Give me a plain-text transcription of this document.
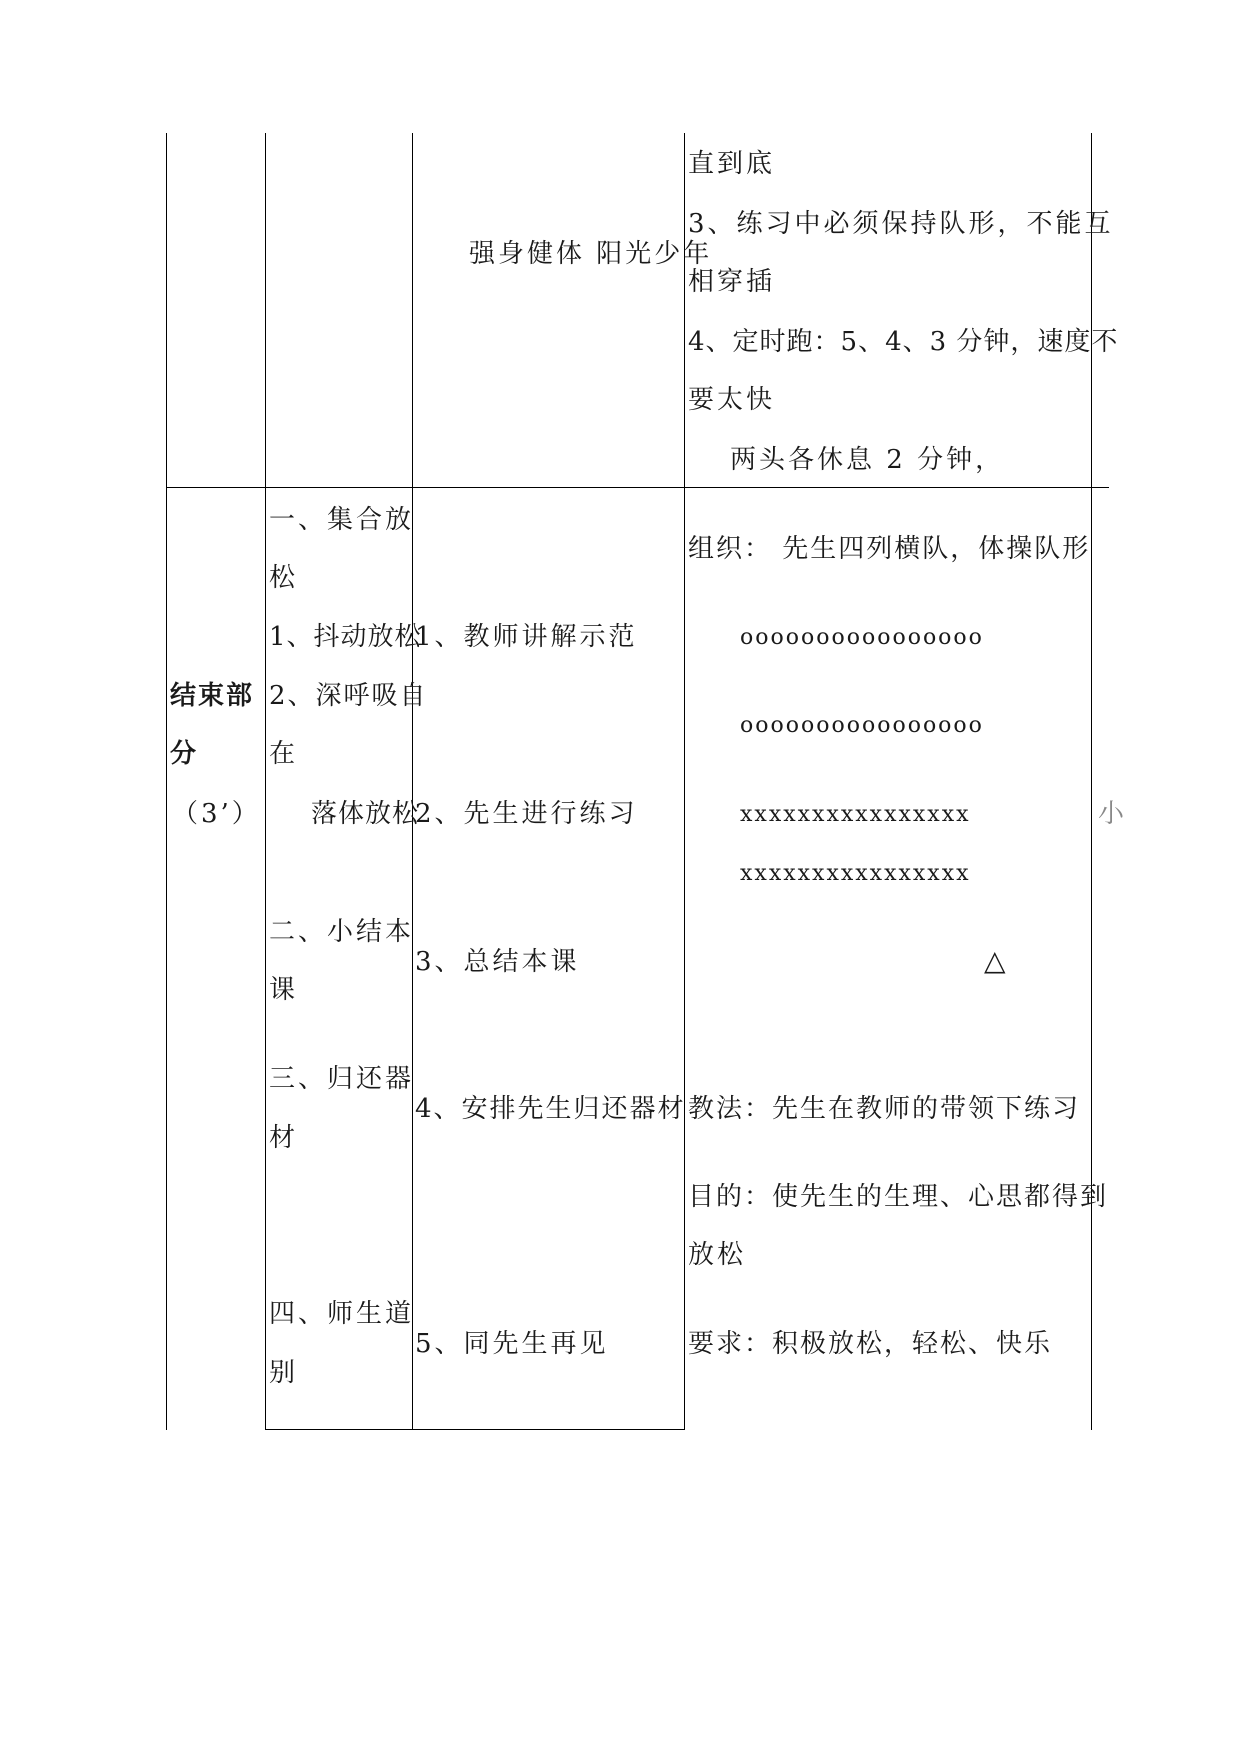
强身健体 阳光少年
直到底
3、练习中必须保持队形，不能互
相穿插
4、定时跑：5、4、3 分钟，速度不
要太快
两头各休息 2 分钟，
结束部
分
（3’）
一、集合放
松
1、抖动放松
2、深呼吸自
在
落体放松
二、小结本
课
三、归还器
材
四、师生道
别
1、教师讲解示范
2、先生进行练习
3、总结本课
4、安排先生归还器材
5、同先生再见
组织： 先生四列横队，体操队形
oooooooooooooooo
oooooooooooooooo
xxxxxxxxxxxxxxxx
xxxxxxxxxxxxxxxx
△
教法：先生在教师的带领下练习
目的：使先生的生理、心思都得到
放松
要求：积极放松，轻松、快乐
小
